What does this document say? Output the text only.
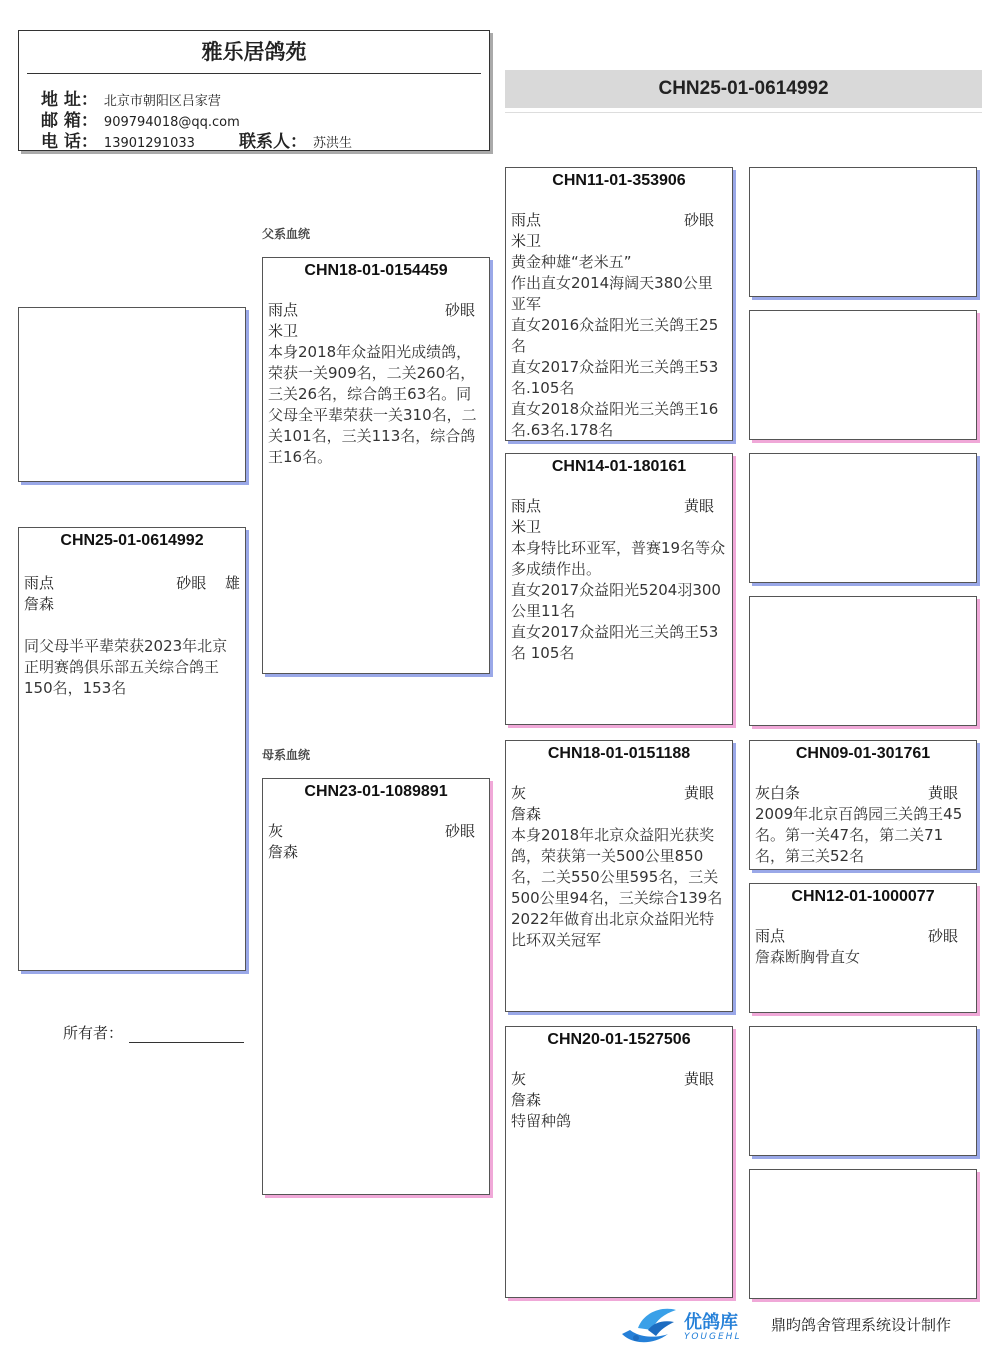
雅乐居鸽苑
地 址： 北京市朝阳区吕家营
邮 箱： 909794018@qq.com
电 话： 13901291033	联系人： 苏洪生
CHN25-01-0614992
父系血统
母系血统
CHN25-01-0614992
雨点	砂眼 雄
詹森
同父母半平辈荣获2023年北京正明赛鸽俱乐部五关综合鸽王150名，153名
所有者：
CHN18-01-0154459
雨点	砂眼
米卫
本身2018年众益阳光成绩鸽，荣获一关909名，二关260名，三关26名，综合鸽王63名。同父母全平辈荣获一关310名，二关101名，三关113名，综合鸽王16名。
CHN23-01-1089891
灰	砂眼
詹森
CHN11-01-353906
雨点	砂眼
米卫
黄金种雄“老米五”
作出直女2014海阔天380公里亚军
直女2016众益阳光三关鸽王25名
直女2017众益阳光三关鸽王53名.105名
直女2018众益阳光三关鸽王16名.63名.178名
CHN14-01-180161
雨点	黄眼
米卫
本身特比环亚军，普赛19名等众多成绩作出。
直女2017众益阳光5204羽300公里11名
直女2017众益阳光三关鸽王53名 105名
CHN18-01-0151188
灰	黄眼
詹森
本身2018年北京众益阳光获奖鸽，荣获第一关500公里850名，二关550公里595名，三关500公里94名，三关综合139名2022年做育出北京众益阳光特比环双关冠军
CHN20-01-1527506
灰	黄眼
詹森
特留种鸽
CHN09-01-301761
灰白条	黄眼
2009年北京百鸽园三关鸽王45名。第一关47名，第二关71名，第三关52名
CHN12-01-1000077
雨点	砂眼
詹森断胸骨直女
优鸽库
YOUGEHL
鼎昀鸽舍管理系统设计制作
